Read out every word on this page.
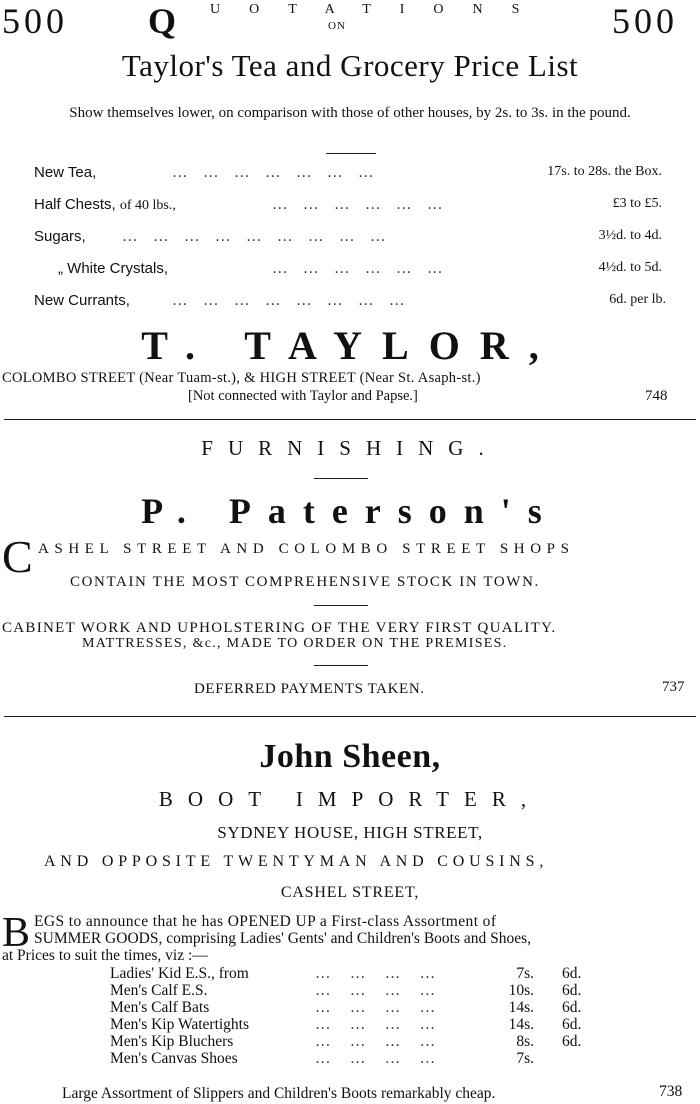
500 Q UOTATIONS
ON	500
Taylor's Tea and Grocery Price List
Show themselves lower, on comparison with those of other houses, by 2s. to 3s. in the pound.
New Tea,	…    …    …    …    …    …    …	17s. to 28s. the Box.
Half Chests, of 40 lbs.,	…    …    …    …    …    …	£3 to £5.
Sugars, …    …    …    …    …    …    …    …    …	3½d. to 4d.
„ White Crystals,	…    …    …    …    …    …	4½d. to 5d.
New Currants,	…    …    …    …    …    …    …    …	6d. per lb.
T. TAYLOR,
COLOMBO STREET (Near Tuam-st.), & HIGH STREET (Near St. Asaph-st.)
[Not connected with Taylor and Papse.]	748
FURNISHING.
P. Paterson's
C ASHEL STREET AND COLOMBO STREET SHOPS
CONTAIN THE MOST COMPREHENSIVE STOCK IN TOWN.
CABINET WORK AND UPHOLSTERING OF THE VERY FIRST QUALITY.
MATTRESSES, &c., MADE TO ORDER ON THE PREMISES.
DEFERRED PAYMENTS TAKEN.	737
John Sheen,
BOOT IMPORTER,
SYDNEY HOUSE, HIGH STREET,
AND OPPOSITE TWENTYMAN AND COUSINS,
CASHEL STREET,
B EGS to announce that he has OPENED UP a First-class Assortment of
SUMMER GOODS, comprising Ladies' Gents' and Children's Boots and Shoes,
at Prices to suit the times, viz :—
Ladies' Kid E.S., from	…     …     …     …	7s. 6d.
Men's Calf E.S.	…     …     …     …	10s. 6d.
Men's Calf Bats	…     …     …     …	14s. 6d.
Men's Kip Watertights	…     …     …     …	14s. 6d.
Men's Kip Bluchers	…     …     …     …	8s. 6d.
Men's Canvas Shoes	…     …     …     …	7s.
Large Assortment of Slippers and Children's Boots remarkably cheap.	738
